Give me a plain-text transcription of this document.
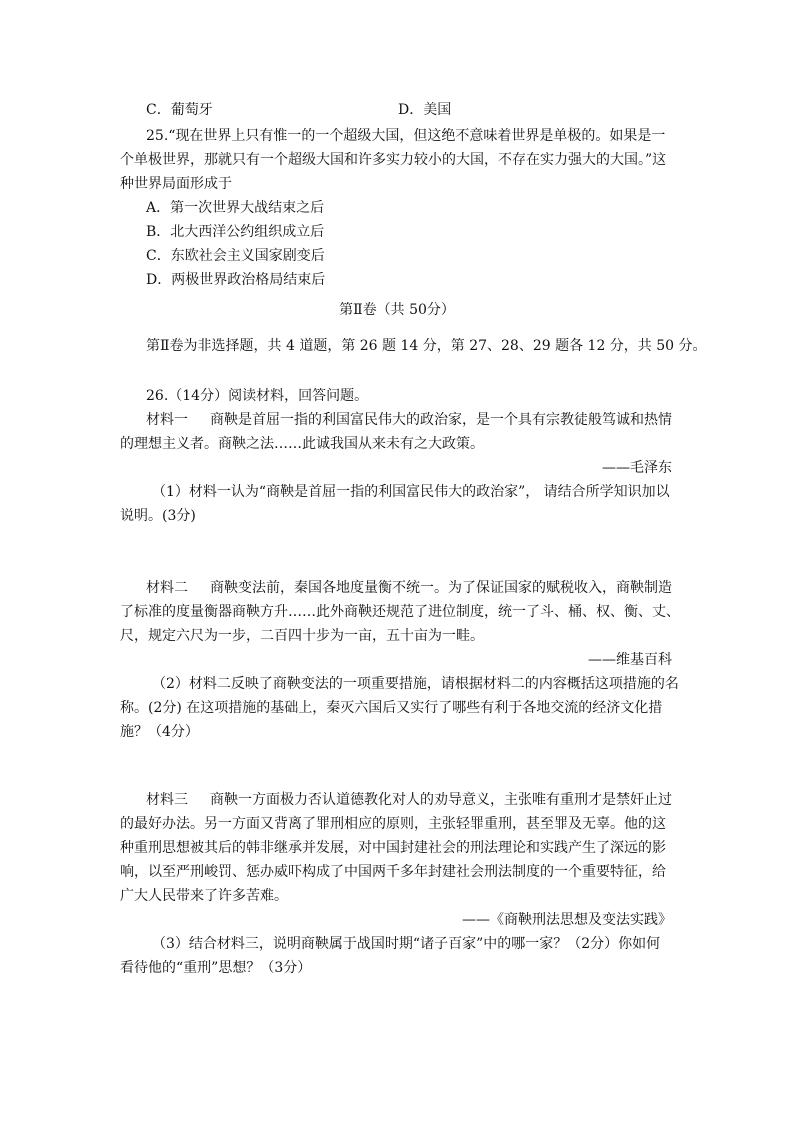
C．葡萄牙	D．美国
25.“现在世界上只有惟一的一个超级大国，但这绝不意味着世界是单极的。如果是一
个单极世界，那就只有一个超级大国和许多实力较小的大国，不存在实力强大的大国。”这
种世界局面形成于
A．第一次世界大战结束之后
B．北大西洋公约组织成立后
C．东欧社会主义国家剧变后
D．两极世界政治格局结束后
第Ⅱ卷（共 50分）
第Ⅱ卷为非选择题，共 4 道题，第 26 题 14 分，第 27、28、29 题各 12 分，共 50 分。
26.（14分）阅读材料，回答问题。
材料一 商鞅是首屈一指的利国富民伟大的政治家，是一个具有宗教徒般笃诚和热情
的理想主义者。商鞅之法……此诚我国从来未有之大政策。
——毛泽东
（1）材料一认为“商鞅是首屈一指的利国富民伟大的政治家”， 请结合所学知识加以
说明。(3分)
材料二 商鞅变法前，秦国各地度量衡不统一。为了保证国家的赋税收入，商鞅制造
了标准的度量衡器商鞅方升……此外商鞅还规范了进位制度，统一了斗、桶、权、衡、丈、
尺，规定六尺为一步，二百四十步为一亩，五十亩为一畦。
——维基百科
（2）材料二反映了商鞅变法的一项重要措施，请根据材料二的内容概括这项措施的名
称。(2分) 在这项措施的基础上，秦灭六国后又实行了哪些有利于各地交流的经济文化措
施？（4分）
材料三 商鞅一方面极力否认道德教化对人的劝导意义，主张唯有重刑才是禁奸止过
的最好办法。另一方面又背离了罪刑相应的原则，主张轻罪重刑，甚至罪及无辜。他的这
种重刑思想被其后的韩非继承并发展，对中国封建社会的刑法理论和实践产生了深远的影
响，以至严刑峻罚、惩办威吓构成了中国两千多年封建社会刑法制度的一个重要特征，给
广大人民带来了许多苦难。
——《商鞅刑法思想及变法实践》
（3）结合材料三，说明商鞅属于战国时期“诸子百家”中的哪一家？（2分）你如何
看待他的“重刑”思想？（3分）
